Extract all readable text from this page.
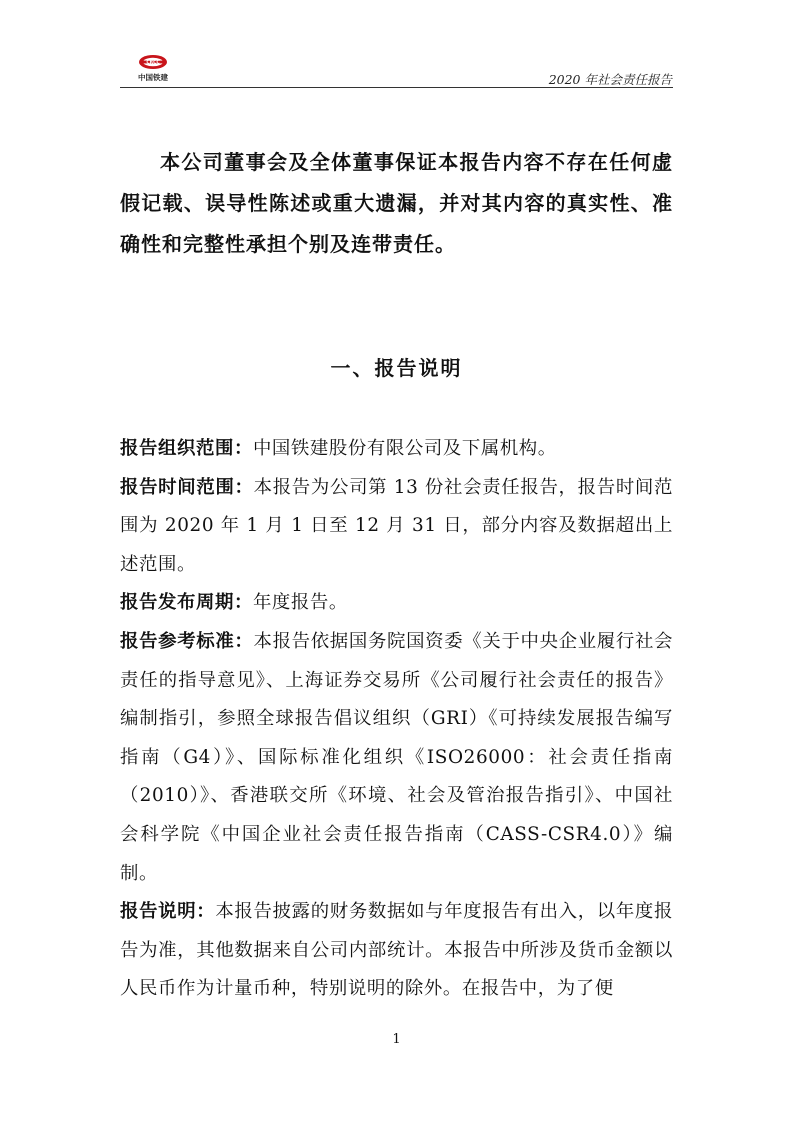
CRCC
中国铁建	2020 年社会责任报告

本公司董事会及全体董事保证本报告内容不存在任何虚假记载、误导性陈述或重大遗漏，并对其内容的真实性、准确性和完整性承担个别及连带责任。

一、报告说明

报告组织范围：中国铁建股份有限公司及下属机构。

报告时间范围：本报告为公司第 13 份社会责任报告，报告时间范围为 2020 年 1 月 1 日至 12 月 31 日，部分内容及数据超出上述范围。

报告发布周期：年度报告。

报告参考标准：本报告依据国务院国资委《关于中央企业履行社会责任的指导意见》、上海证券交易所《公司履行社会责任的报告》编制指引，参照全球报告倡议组织（GRI）《可持续发展报告编写指南（G4）》、国际标准化组织《ISO26000：社会责任指南（2010）》、香港联交所《环境、社会及管治报告指引》、中国社会科学院《中国企业社会责任报告指南（CASS-CSR4.0）》编制。

报告说明：本报告披露的财务数据如与年度报告有出入，以年度报告为准，其他数据来自公司内部统计。本报告中所涉及货币金额以人民币作为计量币种，特别说明的除外。在报告中，为了便

1
